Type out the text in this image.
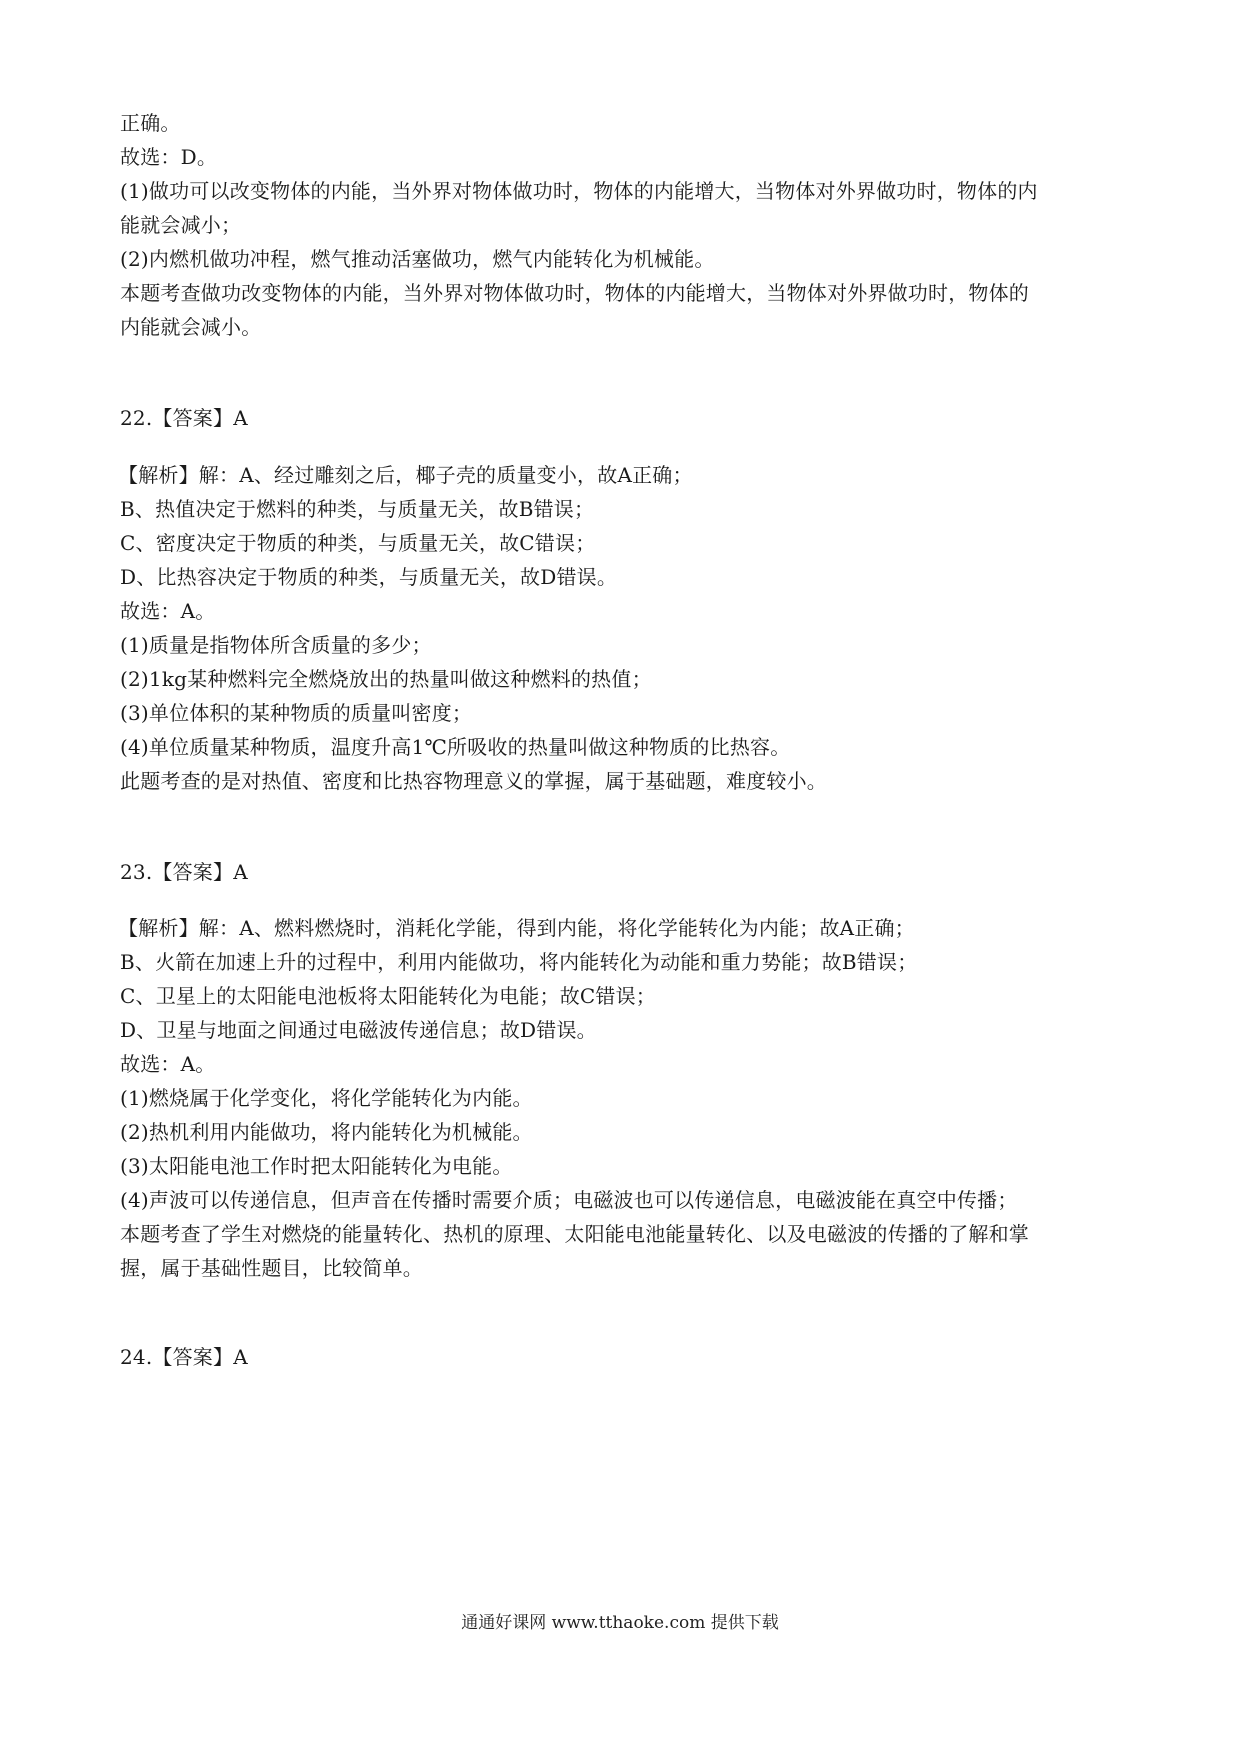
正确。
故选：D。
(1)做功可以改变物体的内能，当外界对物体做功时，物体的内能增大，当物体对外界做功时，物体的内
能就会减小；
(2)内燃机做功冲程，燃气推动活塞做功，燃气内能转化为机械能。
本题考查做功改变物体的内能，当外界对物体做功时，物体的内能增大，当物体对外界做功时，物体的
内能就会减小。
22.【答案】A
【解析】解：A、经过雕刻之后，椰子壳的质量变小，故A正确；
B、热值决定于燃料的种类，与质量无关，故B错误；
C、密度决定于物质的种类，与质量无关，故C错误；
D、比热容决定于物质的种类，与质量无关，故D错误。
故选：A。
(1)质量是指物体所含质量的多少；
(2)1kg某种燃料完全燃烧放出的热量叫做这种燃料的热值；
(3)单位体积的某种物质的质量叫密度；
(4)单位质量某种物质，温度升高1℃所吸收的热量叫做这种物质的比热容。
此题考查的是对热值、密度和比热容物理意义的掌握，属于基础题，难度较小。
23.【答案】A
【解析】解：A、燃料燃烧时，消耗化学能，得到内能，将化学能转化为内能；故A正确；
B、火箭在加速上升的过程中，利用内能做功，将内能转化为动能和重力势能；故B错误；
C、卫星上的太阳能电池板将太阳能转化为电能；故C错误；
D、卫星与地面之间通过电磁波传递信息；故D错误。
故选：A。
(1)燃烧属于化学变化，将化学能转化为内能。
(2)热机利用内能做功，将内能转化为机械能。
(3)太阳能电池工作时把太阳能转化为电能。
(4)声波可以传递信息，但声音在传播时需要介质；电磁波也可以传递信息，电磁波能在真空中传播；
本题考查了学生对燃烧的能量转化、热机的原理、太阳能电池能量转化、以及电磁波的传播的了解和掌
握，属于基础性题目，比较简单。
24.【答案】A
通通好课网 www.tthaoke.com 提供下载
